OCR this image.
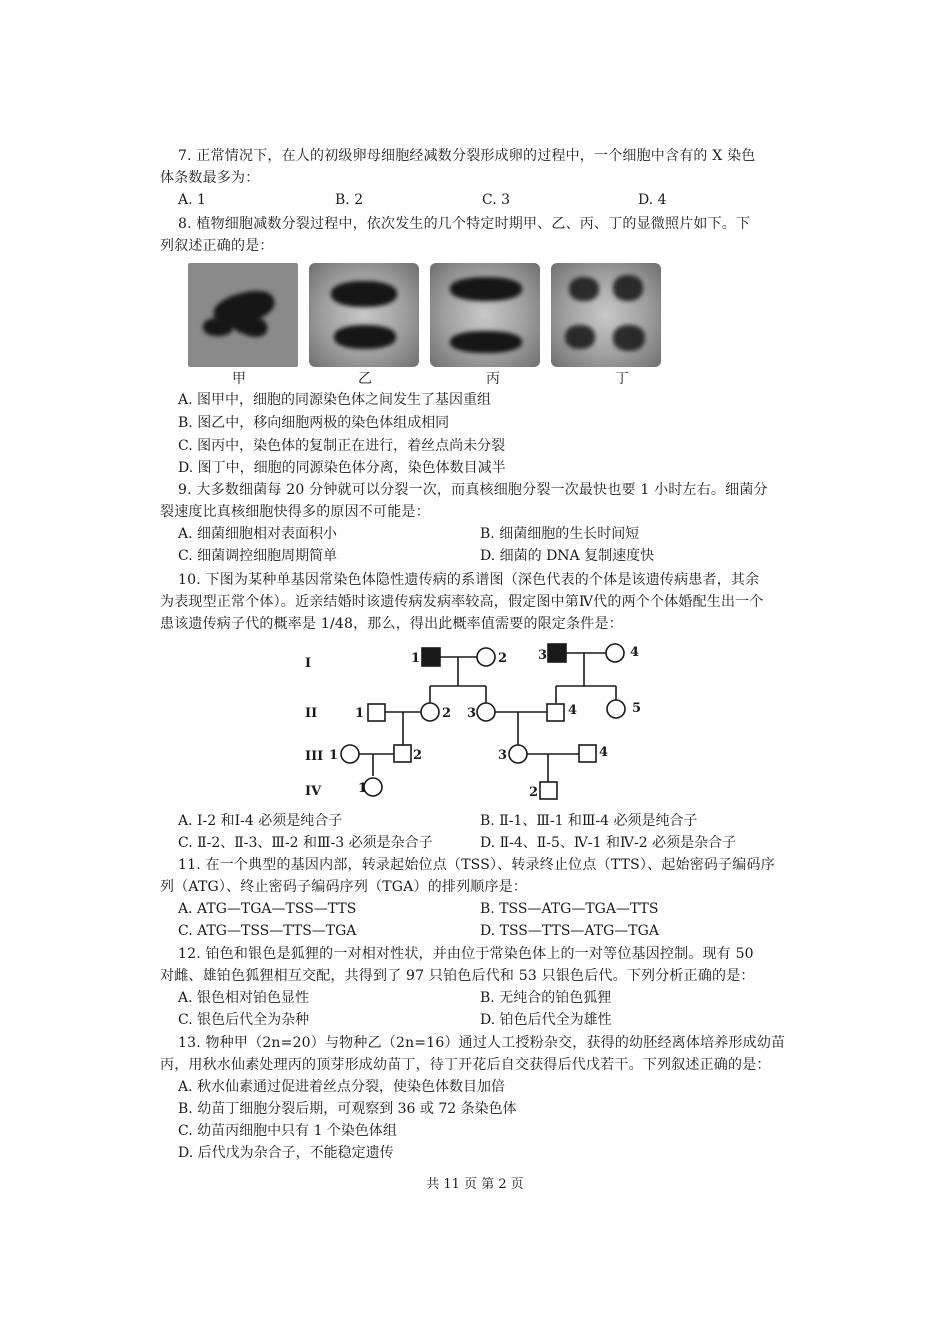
7. 正常情况下，在人的初级卵母细胞经减数分裂形成卵的过程中，一个细胞中含有的 X 染色
体条数最多为：
A. 1	B. 2	C. 3	D. 4
8. 植物细胞减数分裂过程中，依次发生的几个特定时期甲、乙、丙、丁的显微照片如下。下
列叙述正确的是：
甲	乙	丙	丁
A. 图甲中，细胞的同源染色体之间发生了基因重组
B. 图乙中，移向细胞两极的染色体组成相同
C. 图丙中，染色体的复制正在进行，着丝点尚未分裂
D. 图丁中，细胞的同源染色体分离，染色体数目减半
9. 大多数细菌每 20 分钟就可以分裂一次，而真核细胞分裂一次最快也要 1 小时左右。细菌分
裂速度比真核细胞快得多的原因不可能是：
A. 细菌细胞相对表面积小	B. 细菌细胞的生长时间短
C. 细菌调控细胞周期简单	D. 细菌的 DNA 复制速度快
10. 下图为某种单基因常染色体隐性遗传病的系谱图（深色代表的个体是该遗传病患者，其余
为表现型正常个体）。近亲结婚时该遗传病发病率较高，假定图中第Ⅳ代的两个个体婚配生出一个
患该遗传病子代的概率是 1/48，那么，得出此概率值需要的限定条件是：
I
II
III
IV
1	2 3	4
1	2 3	4	5
1	2	3	4
1	2
A. Ⅰ-2 和Ⅰ-4 必须是纯合子	B. Ⅱ-1、Ⅲ-1 和Ⅲ-4 必须是纯合子
C. Ⅱ-2、Ⅱ-3、Ⅲ-2 和Ⅲ-3 必须是杂合子	D. Ⅱ-4、Ⅱ-5、Ⅳ-1 和Ⅳ-2 必须是杂合子
11. 在一个典型的基因内部，转录起始位点（TSS）、转录终止位点（TTS）、起始密码子编码序
列（ATG）、终止密码子编码序列（TGA）的排列顺序是：
A. ATG—TGA—TSS—TTS	B. TSS—ATG—TGA—TTS
C. ATG—TSS—TTS—TGA	D. TSS—TTS—ATG—TGA
12. 铂色和银色是狐狸的一对相对性状，并由位于常染色体上的一对等位基因控制。现有 50
对雌、雄铂色狐狸相互交配，共得到了 97 只铂色后代和 53 只银色后代。下列分析正确的是：
A. 银色相对铂色显性	B. 无纯合的铂色狐狸
C. 银色后代全为杂种	D. 铂色后代全为雄性
13. 物种甲（2n=20）与物种乙（2n=16）通过人工授粉杂交，获得的幼胚经离体培养形成幼苗
丙，用秋水仙素处理丙的顶芽形成幼苗丁，待丁开花后自交获得后代戊若干。下列叙述正确的是：
A. 秋水仙素通过促进着丝点分裂，使染色体数目加倍
B. 幼苗丁细胞分裂后期，可观察到 36 或 72 条染色体
C. 幼苗丙细胞中只有 1 个染色体组
D. 后代戊为杂合子，不能稳定遗传
共 11 页 第 2 页
